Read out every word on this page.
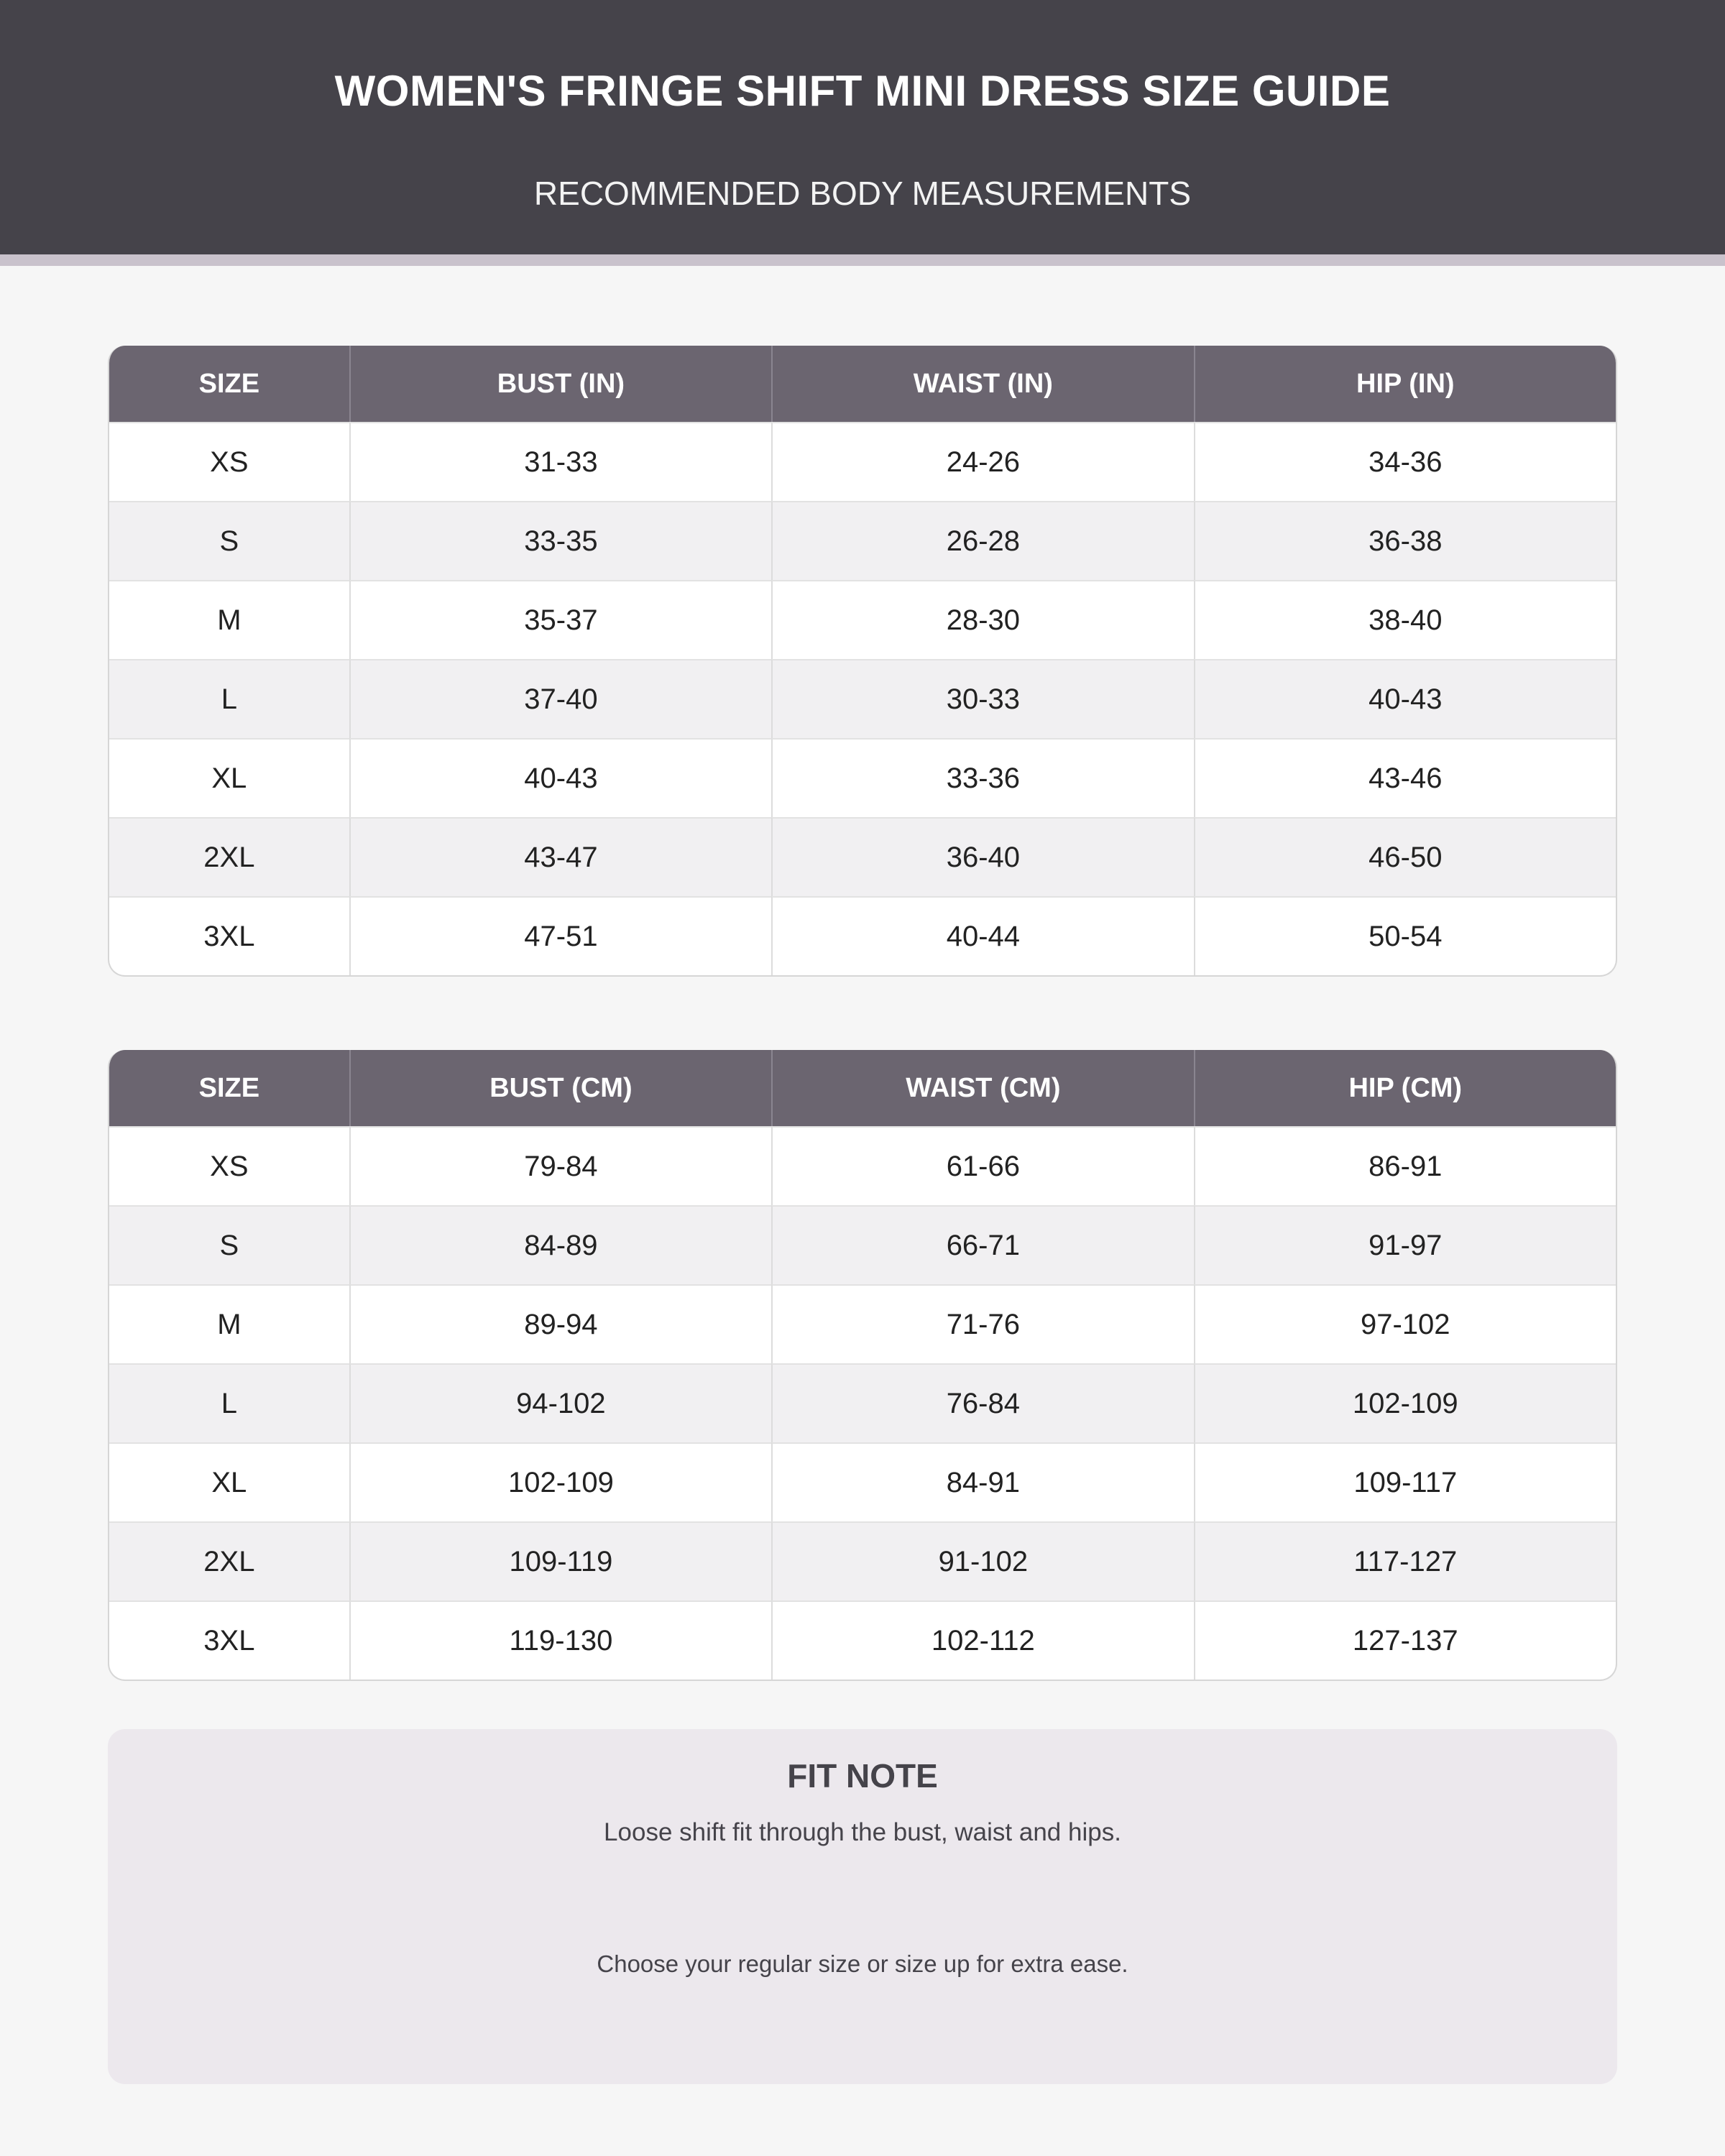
WOMEN'S FRINGE SHIFT MINI DRESS SIZE GUIDE
RECOMMENDED BODY MEASUREMENTS
SIZE	BUST (IN)	WAIST (IN)	HIP (IN)
XS	31-33	24-26	34-36
S	33-35	26-28	36-38
M	35-37	28-30	38-40
L	37-40	30-33	40-43
XL	40-43	33-36	43-46
2XL	43-47	36-40	46-50
3XL	47-51	40-44	50-54
SIZE	BUST (CM)	WAIST (CM)	HIP (CM)
XS	79-84	61-66	86-91
S	84-89	66-71	91-97
M	89-94	71-76	97-102
L	94-102	76-84	102-109
XL	102-109	84-91	109-117
2XL	109-119	91-102	117-127
3XL	119-130	102-112	127-137
FIT NOTE
Loose shift fit through the bust, waist and hips.
Choose your regular size or size up for extra ease.
